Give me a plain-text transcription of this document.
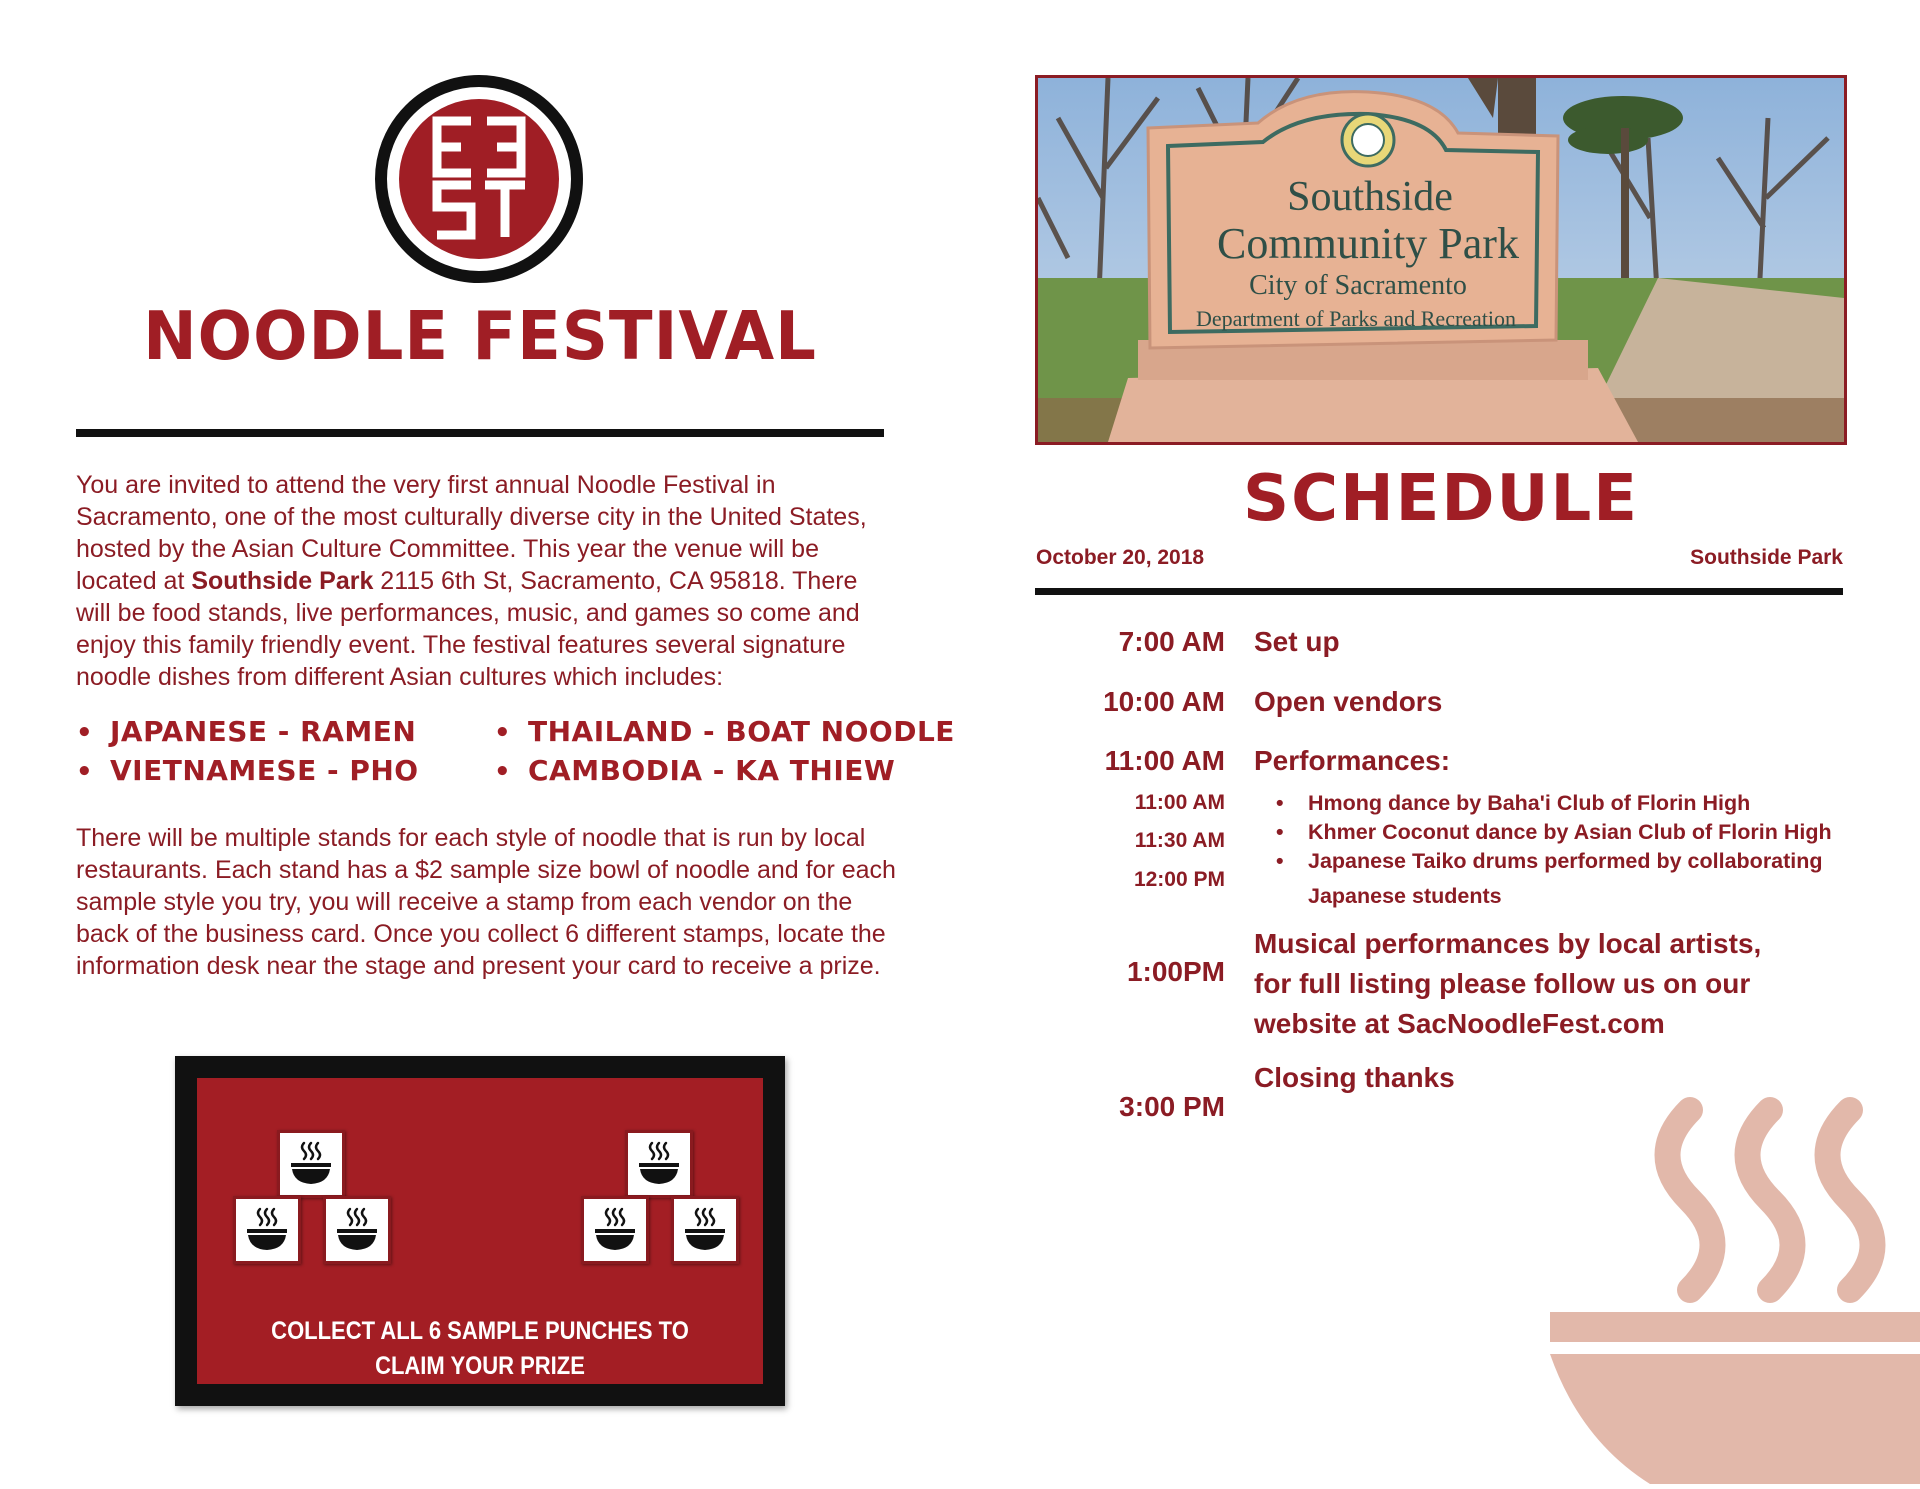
NOODLE FESTIVAL
You are invited to attend the very first annual Noodle Festival in Sacramento, one of the most culturally diverse city in the United States, hosted by the Asian Culture Committee. This year the venue will be located at Southside Park 2115 6th St, Sacramento, CA 95818. There will be food stands, live performances, music, and games so come and enjoy this family friendly event. The festival features several signature noodle dishes from different Asian cultures which includes:
• JAPANESE - RAMEN
• VIETNAMESE - PHO
• THAILAND - BOAT NOODLE
• CAMBODIA - KA THIEW
There will be multiple stands for each style of noodle that is run by local restaurants. Each stand has a $2 sample size bowl of noodle and for each sample style you try, you will receive a stamp from each vendor on the back of the business card. Once you collect 6 different stamps, locate the information desk near the stage and present your card to receive a prize.
COLLECT ALL 6 SAMPLE PUNCHES TO
CLAIM YOUR PRIZE
Southside
Community Park
City of Sacramento
Department of Parks and Recreation
SCHEDULE
October 20, 2018	Southside Park
7:00 AM Set up
10:00 AM Open vendors
11:00 AM Performances:
11:00 AM • Hmong dance by Baha'i Club of Florin High
11:30 AM • Khmer Coconut dance by Asian Club of Florin High
12:00 PM
• Japanese Taiko drums performed by collaborating
Japanese students
1:00PM
Musical performances by local artists,
for full listing please follow us on our
website at SacNoodleFest.com
Closing thanks
3:00 PM
